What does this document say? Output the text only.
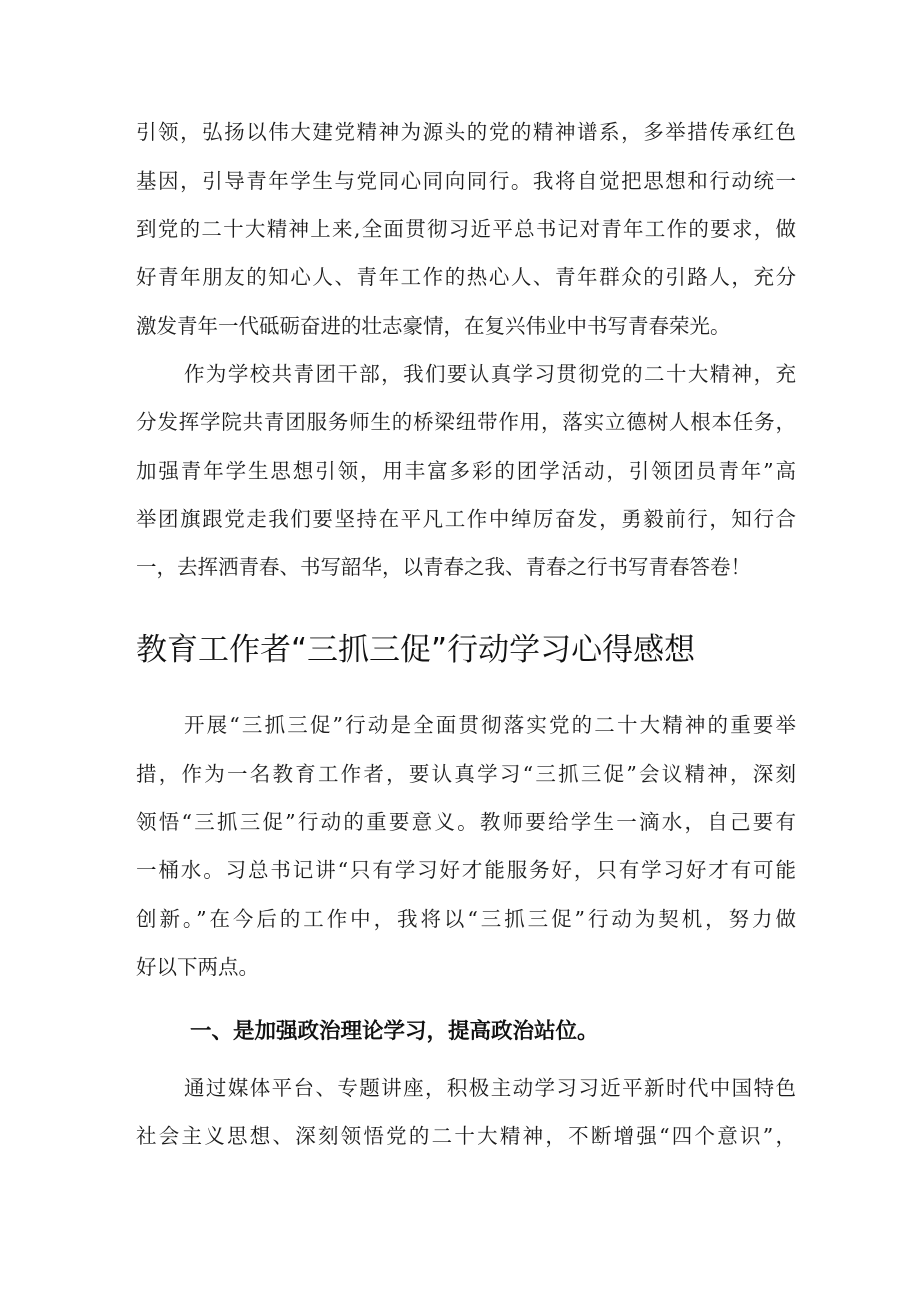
引领，弘扬以伟大建党精神为源头的党的精神谱系，多举措传承红色

基因，引导青年学生与党同心同向同行。我将自觉把思想和行动统一

到党的二十大精神上来,全面贯彻习近平总书记对青年工作的要求，做

好青年朋友的知心人、青年工作的热心人、青年群众的引路人，充分

激发青年一代砥砺奋进的壮志豪情，在复兴伟业中书写青春荣光。

作为学校共青团干部，我们要认真学习贯彻党的二十大精神，充

分发挥学院共青团服务师生的桥梁纽带作用，落实立德树人根本任务，

加强青年学生思想引领，用丰富多彩的团学活动，引领团员青年”高

举团旗跟党走我们要坚持在平凡工作中绰厉奋发，勇毅前行，知行合

一，去挥洒青春、书写韶华，以青春之我、青春之行书写青春答卷！

教育工作者“三抓三促”行动学习心得感想

开展“三抓三促”行动是全面贯彻落实党的二十大精神的重要举

措，作为一名教育工作者，要认真学习“三抓三促”会议精神，深刻

领悟“三抓三促”行动的重要意义。教师要给学生一滴水，自己要有

一桶水。习总书记讲“只有学习好才能服务好，只有学习好才有可能

创新。”在今后的工作中，我将以“三抓三促”行动为契机，努力做

好以下两点。

一、是加强政治理论学习，提高政治站位。

通过媒体平台、专题讲座，积极主动学习习近平新时代中国特色

社会主义思想、深刻领悟党的二十大精神，不断增强“四个意识”，
